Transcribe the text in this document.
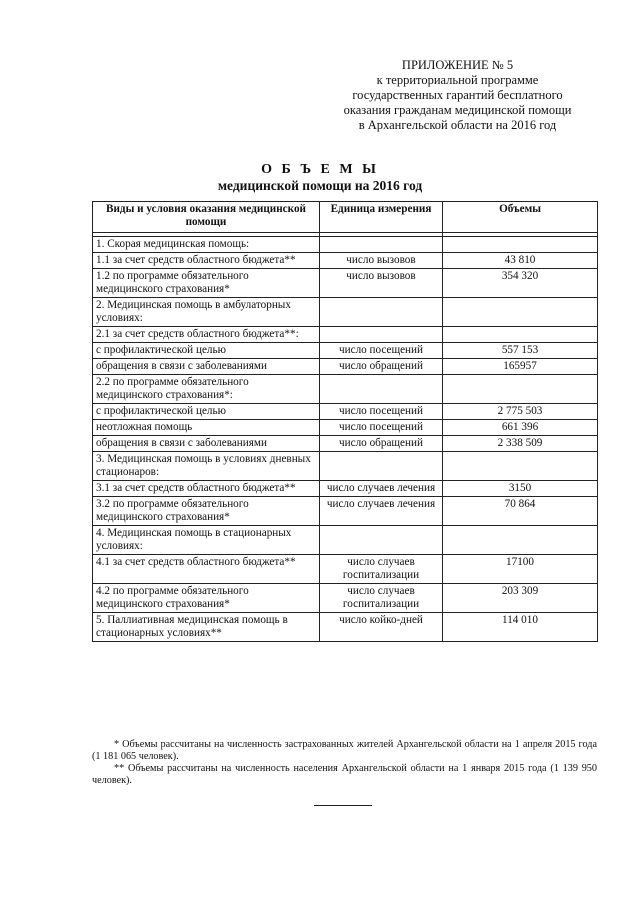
ПРИЛОЖЕНИЕ № 5
к территориальной программе
государственных гарантий бесплатного
оказания гражданам медицинской помощи
в Архангельской области на 2016 год
О Б Ъ Е М Ы
медицинской помощи на 2016 год
Виды и условия оказания медицинской помощи	Единица измерения	Объемы

1. Скорая медицинская помощь:		
1.1 за счет средств областного бюджета**	число вызовов	43 810
1.2 по программе обязательного медицинского страхования*	число вызовов	354 320
2. Медицинская помощь в амбулаторных условиях:		
2.1 за счет средств областного бюджета**:		
с профилактической целью	число посещений	557 153
обращения в связи с заболеваниями	число обращений	165957
2.2 по программе обязательного медицинского страхования*:		
с профилактической целью	число посещений	2 775 503
неотложная помощь	число посещений	661 396
обращения в связи с заболеваниями	число обращений	2 338 509
3. Медицинская помощь в условиях дневных стационаров:		
3.1 за счет средств областного бюджета**	число случаев лечения	3150
3.2 по программе обязательного медицинского страхования*	число случаев лечения	70 864
4. Медицинская помощь в стационарных условиях:		
4.1 за счет средств областного бюджета**	число случаев госпитализации	17100
4.2 по программе обязательного медицинского страхования*	число случаев госпитализации	203 309
5. Паллиативная медицинская помощь в стационарных условиях**	число койко-дней	114 010

* Объемы рассчитаны на численность застрахованных жителей Архангельской области на 1 апреля 2015 года (1 181 065 человек).

** Объемы рассчитаны на численность населения Архангельской области на 1 января 2015 года (1 139 950 человек).
